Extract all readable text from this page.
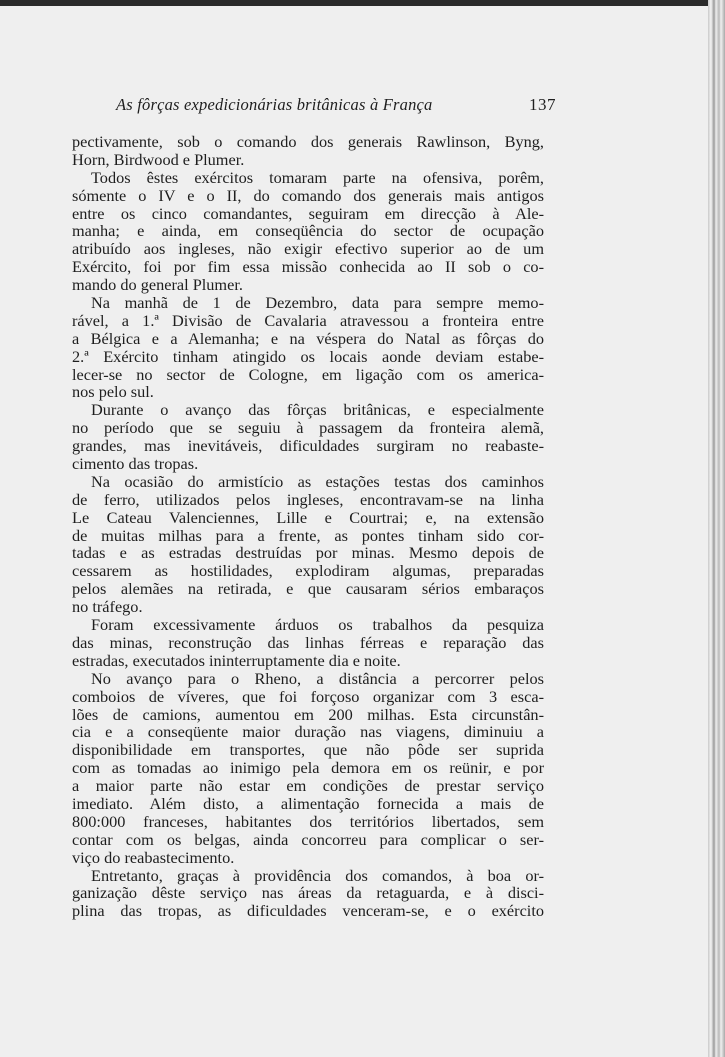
As fôrças expedicionárias britânicas à França	137
pectivamente, sob o comando dos generais Rawlinson, Byng,
Horn, Birdwood e Plumer.
Todos êstes exércitos tomaram parte na ofensiva, porêm,
sómente o IV e o II, do comando dos generais mais antigos
entre os cinco comandantes, seguiram em direcção à Ale-
manha; e ainda, em conseqüência do sector de ocupação
atribuído aos ingleses, não exigir efectivo superior ao de um
Exército, foi por fim essa missão conhecida ao II sob o co-
mando do general Plumer.
Na manhã de 1 de Dezembro, data para sempre memo-
rável, a 1.ª Divisão de Cavalaria atravessou a fronteira entre
a Bélgica e a Alemanha; e na véspera do Natal as fôrças do
2.ª Exército tinham atingido os locais aonde deviam estabe-
lecer-se no sector de Cologne, em ligação com os america-
nos pelo sul.
Durante o avanço das fôrças britânicas, e especialmente
no período que se seguiu à passagem da fronteira alemã,
grandes, mas inevitáveis, dificuldades surgiram no reabaste-
cimento das tropas.
Na ocasião do armistício as estações testas dos caminhos
de ferro, utilizados pelos ingleses, encontravam-se na linha
Le Cateau Valenciennes, Lille e Courtrai; e, na extensão
de muitas milhas para a frente, as pontes tinham sido cor-
tadas e as estradas destruídas por minas. Mesmo depois de
cessarem as hostilidades, explodiram algumas, preparadas
pelos alemães na retirada, e que causaram sérios embaraços
no tráfego.
Foram excessivamente árduos os trabalhos da pesquiza
das minas, reconstrução das linhas férreas e reparação das
estradas, executados ininterruptamente dia e noite.
No avanço para o Rheno, a distância a percorrer pelos
comboios de víveres, que foi forçoso organizar com 3 esca-
lões de camions, aumentou em 200 milhas. Esta circunstân-
cia e a conseqüente maior duração nas viagens, diminuiu a
disponibilidade em transportes, que não pôde ser suprida
com as tomadas ao inimigo pela demora em os reünir, e por
a maior parte não estar em condições de prestar serviço
imediato. Além disto, a alimentação fornecida a mais de
800:000 franceses, habitantes dos territórios libertados, sem
contar com os belgas, ainda concorreu para complicar o ser-
viço do reabastecimento.
Entretanto, graças à providência dos comandos, à boa or-
ganização dêste serviço nas áreas da retaguarda, e à disci-
plina das tropas, as dificuldades venceram-se, e o exército
